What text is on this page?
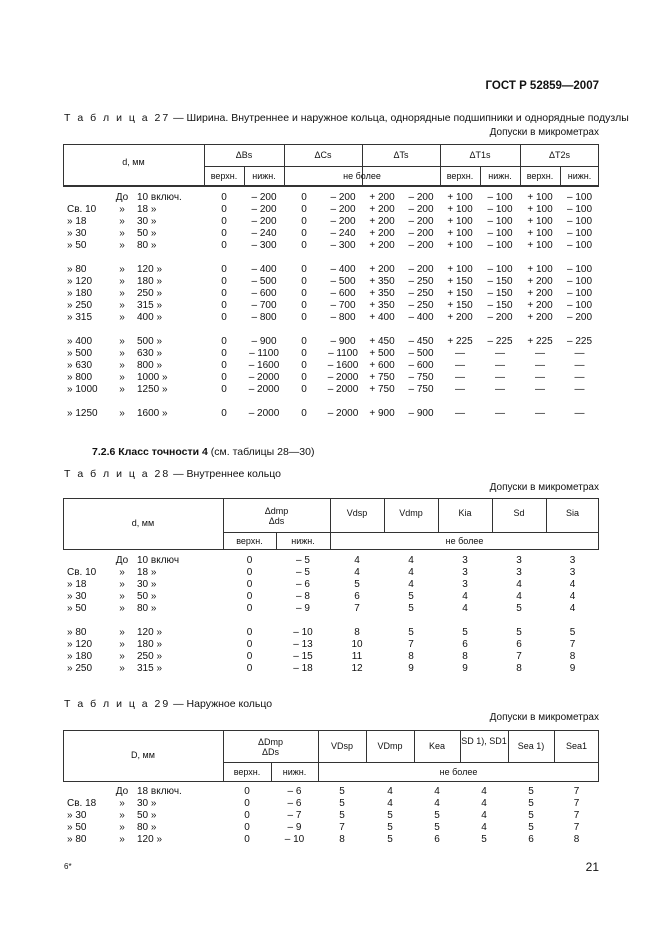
ГОСТ Р 52859—2007
Т а б л и ц а 27 — Ширина. Внутреннее и наружное кольца, однорядные подшипники и однорядные подузлы
Допуски в микрометрах
d, мм
ΔBs	ΔCs	ΔTs	ΔT1s	ΔT2s
верхн.	нижн.	не более	верхн.	нижн.	верхн.	нижн.
	До	10 включ.	0	– 200	0	– 200	+ 200	– 200	+ 100	– 100	+ 100	– 100
Св. 10	»	18 »	0	– 200	0	– 200	+ 200	– 200	+ 100	– 100	+ 100	– 100
» 18	»	30 »	0	– 200	0	– 200	+ 200	– 200	+ 100	– 100	+ 100	– 100
» 30	»	50 »	0	– 240	0	– 240	+ 200	– 200	+ 100	– 100	+ 100	– 100
» 50	»	80 »	0	– 300	0	– 300	+ 200	– 200	+ 100	– 100	+ 100	– 100

» 80	»	120 »	0	– 400	0	– 400	+ 200	– 200	+ 100	– 100	+ 100	– 100
» 120	»	180 »	0	– 500	0	– 500	+ 350	– 250	+ 150	– 150	+ 200	– 100
» 180	»	250 »	0	– 600	0	– 600	+ 350	– 250	+ 150	– 150	+ 200	– 100
» 250	»	315 »	0	– 700	0	– 700	+ 350	– 250	+ 150	– 150	+ 200	– 100
» 315	»	400 »	0	– 800	0	– 800	+ 400	– 400	+ 200	– 200	+ 200	– 200

» 400	»	500 »	0	– 900	0	– 900	+ 450	– 450	+ 225	– 225	+ 225	– 225
» 500	»	630 »	0	– 1100	0	– 1100	+ 500	– 500	—	—	—	—
» 630	»	800 »	0	– 1600	0	– 1600	+ 600	– 600	—	—	—	—
» 800	»	1000 »	0	– 2000	0	– 2000	+ 750	– 750	—	—	—	—
» 1000	»	1250 »	0	– 2000	0	– 2000	+ 750	– 750	—	—	—	—

» 1250	»	1600 »	0	– 2000	0	– 2000	+ 900	– 900	—	—	—	—
7.2.6 Класс точности 4 (см. таблицы 28—30)
Т а б л и ц а 28 — Внутреннее кольцо
Допуски в микрометрах
d, мм
Δdmp
Δds
Vdsp	Vdmp	Kia	Sd	Sia
верхн.	нижн.	не более
	До	10 включ	0	– 5	4	4	3	3	3
Св. 10	»	18 »	0	– 5	4	4	3	3	3
» 18	»	30 »	0	– 6	5	4	3	4	4
» 30	»	50 »	0	– 8	6	5	4	4	4
» 50	»	80 »	0	– 9	7	5	4	5	4

» 80	»	120 »	0	– 10	8	5	5	5	5
» 120	»	180 »	0	– 13	10	7	6	6	7
» 180	»	250 »	0	– 15	11	8	8	7	8
» 250	»	315 »	0	– 18	12	9	9	8	9
Т а б л и ц а 29 — Наружное кольцо
Допуски в микрометрах
D, мм
ΔDmp
ΔDs
VDsp	VDmp	Kea	SD 1), SD1	Sea 1)	Sea1
верхн.	нижн.	не более
	До	18 включ.	0	– 6	5	4	4	4	5	7
Св. 18	»	30 »	0	– 6	5	4	4	4	5	7
» 30	»	50 »	0	– 7	5	5	5	4	5	7
» 50	»	80 »	0	– 9	7	5	5	4	5	7
» 80	»	120 »	0	– 10	8	5	6	5	6	8
6*	21
